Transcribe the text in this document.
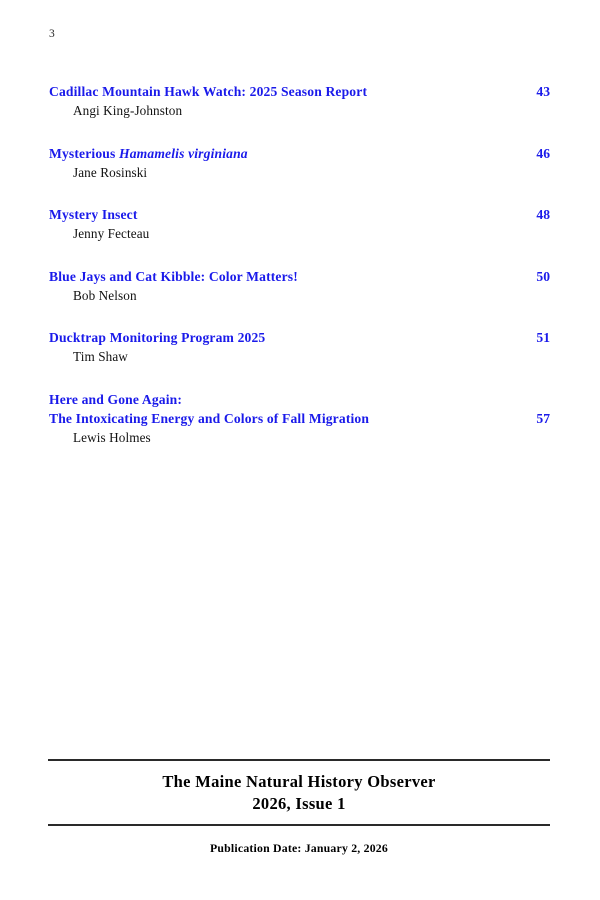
3
Cadillac Mountain Hawk Watch: 2025 Season Report	43
Angi King-Johnston
Mysterious Hamamelis virginiana	46
Jane Rosinski
Mystery Insect	48
Jenny Fecteau
Blue Jays and Cat Kibble: Color Matters!	50
Bob Nelson
Ducktrap Monitoring Program 2025	51
Tim Shaw
Here and Gone Again:
The Intoxicating Energy and Colors of Fall Migration	57
Lewis Holmes
The Maine Natural History Observer
2026, Issue 1
Publication Date: January 2, 2026
